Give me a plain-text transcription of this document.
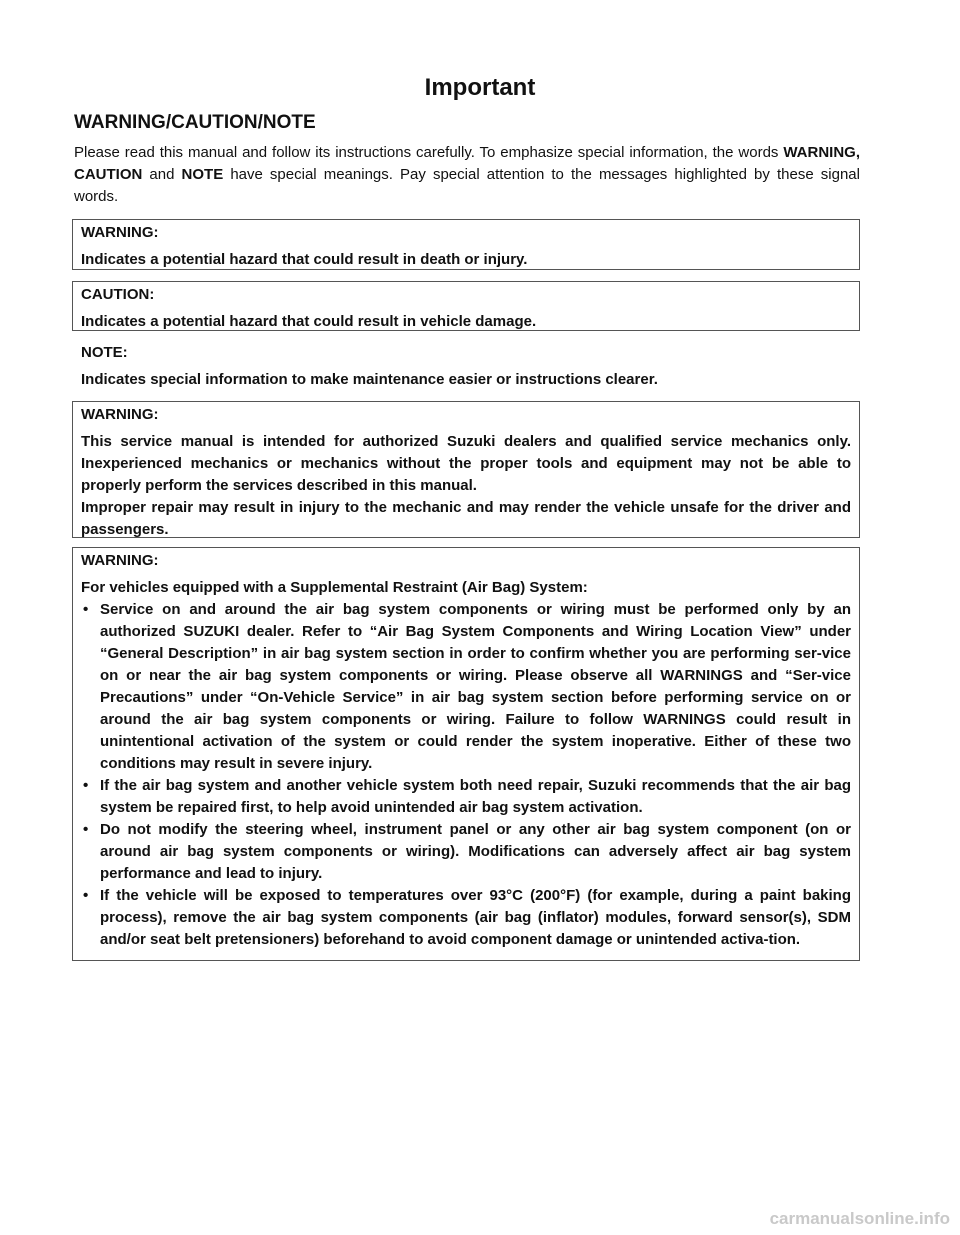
Important
WARNING/CAUTION/NOTE

Please read this manual and follow its instructions carefully. To emphasize special information, the words WARNING, CAUTION and NOTE have special meanings. Pay special attention to the messages highlighted by these signal words.

WARNING:

Indicates a potential hazard that could result in death or injury.

CAUTION:

Indicates a potential hazard that could result in vehicle damage.

NOTE:

Indicates special information to make maintenance easier or instructions clearer.

WARNING:

This service manual is intended for authorized Suzuki dealers and qualified service mechanics only. Inexperienced mechanics or mechanics without the proper tools and equipment may not be able to properly perform the services described in this manual.

Improper repair may result in injury to the mechanic and may render the vehicle unsafe for the driver and passengers.

WARNING:

For vehicles equipped with a Supplemental Restraint (Air Bag) System:

• Service on and around the air bag system components or wiring must be performed only by an authorized SUZUKI dealer. Refer to “Air Bag System Components and Wiring Location View” under “General Description” in air bag system section in order to confirm whether you are performing ser-vice on or near the air bag system components or wiring. Please observe all WARNINGS and “Ser-vice Precautions” under “On-Vehicle Service” in air bag system section before performing service on or around the air bag system components or wiring. Failure to follow WARNINGS could result in unintentional activation of the system or could render the system inoperative. Either of these two conditions may result in severe injury.
• If the air bag system and another vehicle system both need repair, Suzuki recommends that the air bag system be repaired first, to help avoid unintended air bag system activation.
• Do not modify the steering wheel, instrument panel or any other air bag system component (on or around air bag system components or wiring). Modifications can adversely affect air bag system performance and lead to injury.
• If the vehicle will be exposed to temperatures over 93°C (200°F) (for example, during a paint baking process), remove the air bag system components (air bag (inflator) modules, forward sensor(s), SDM and/or seat belt pretensioners) beforehand to avoid component damage or unintended activa-tion.

carmanualsonline.info
